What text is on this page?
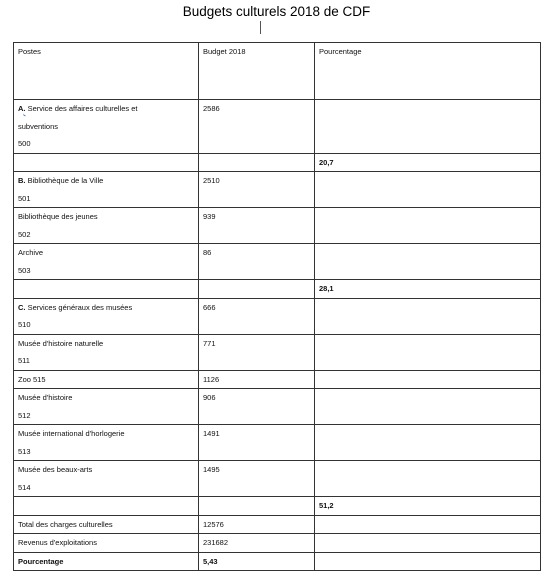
Budgets culturels 2018 de CDF
Postes	Budget 2018	Pourcentage

A. Service des affaires culturelles et
subventions
500	2586	
		20,7

B. Bibliothèque de la Ville
501	2510	

Bibliothèque des jeunes
502	939	

Archive
503	86	
		28,1

C. Services généraux des musées
510	666	

Musée d'histoire naturelle
511	771	

Zoo 515	1126	

Musée d'histoire
512	906	

Musée international d'horlogerie
513	1491	

Musée des beaux-arts
514	1495	
		51,2
Total des charges culturelles	12576	
Revenus d'exploitations	231682	
Pourcentage	5,43	
